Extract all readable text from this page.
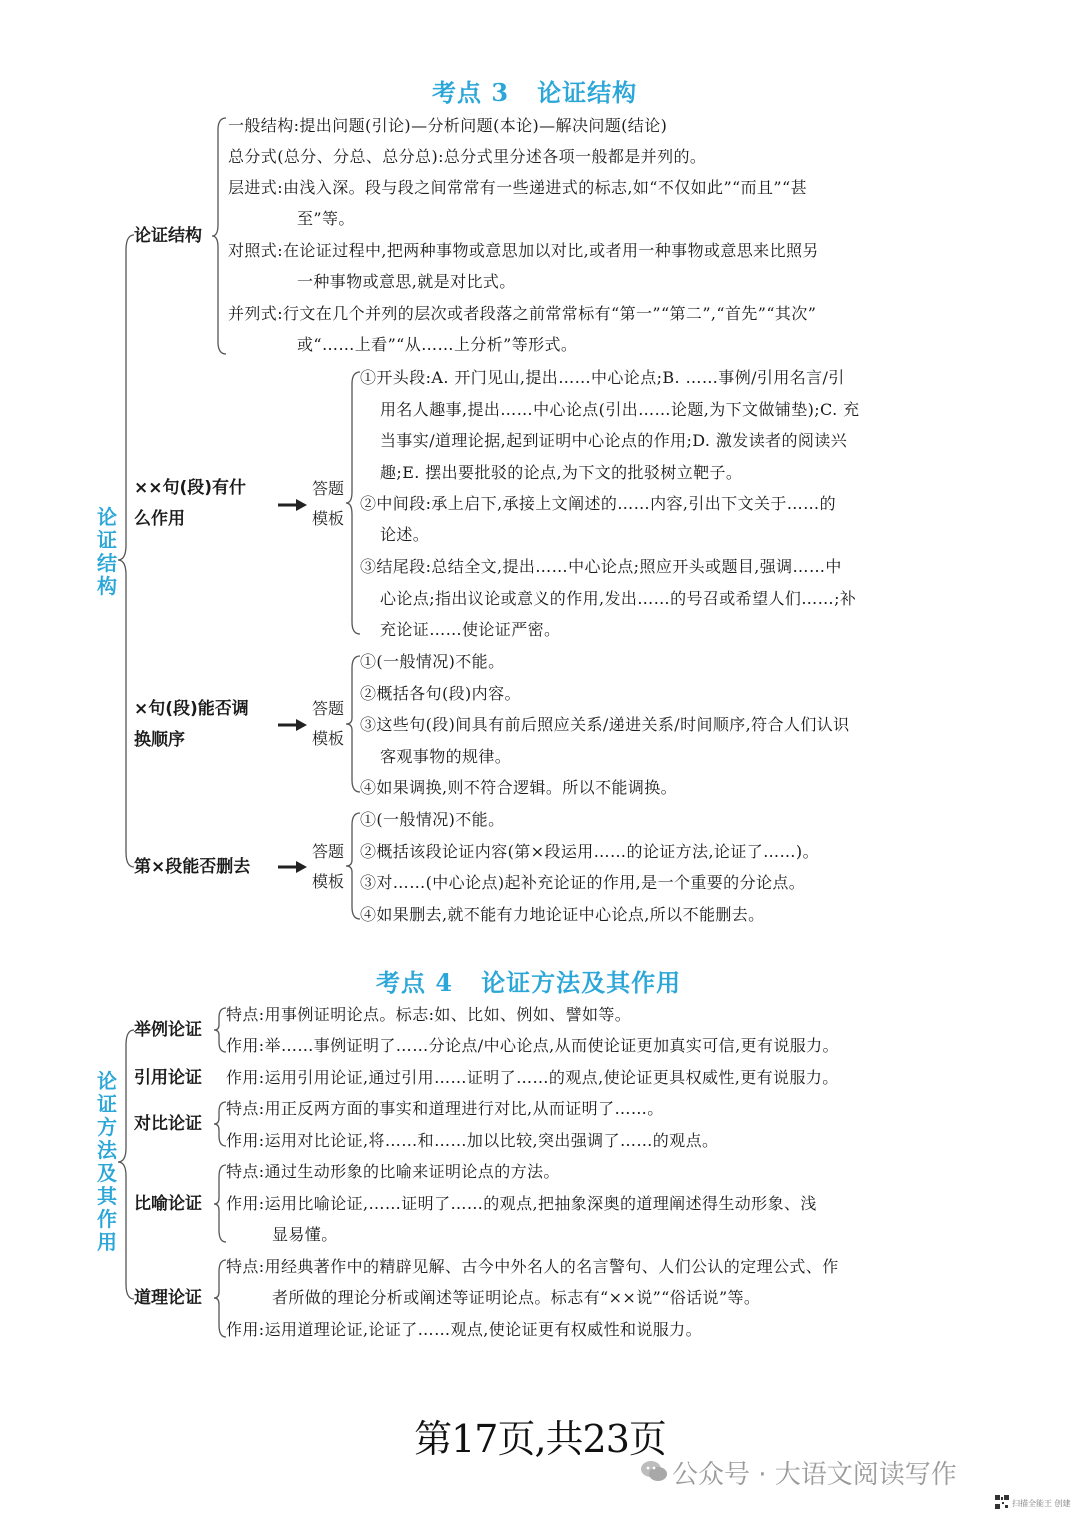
考点 3 论证结构
论证结构
论证结构
一般结构:提出问题(引论)—分析问题(本论)—解决问题(结论)
总分式(总分、分总、总分总):总分式里分述各项一般都是并列的。
层进式:由浅入深。段与段之间常常有一些递进式的标志,如“不仅如此”“而且”“甚
至”等。
对照式:在论证过程中,把两种事物或意思加以对比,或者用一种事物或意思来比照另
一种事物或意思,就是对比式。
并列式:行文在几个并列的层次或者段落之前常常标有“第一”“第二”,“首先”“其次”
或“……上看”“从……上分析”等形式。
××句(段)有什
么作用
答题模板
①开头段:A. 开门见山,提出……中心论点;B. ……事例/引用名言/引
用名人趣事,提出……中心论点(引出……论题,为下文做铺垫);C. 充
当事实/道理论据,起到证明中心论点的作用;D. 激发读者的阅读兴
趣;E. 摆出要批驳的论点,为下文的批驳树立靶子。
②中间段:承上启下,承接上文阐述的……内容,引出下文关于……的
论述。
③结尾段:总结全文,提出……中心论点;照应开头或题目,强调……中
心论点;指出议论或意义的作用,发出……的号召或希望人们……;补
充论证……使论证严密。
×句(段)能否调
换顺序
答题模板
①(一般情况)不能。
②概括各句(段)内容。
③这些句(段)间具有前后照应关系/递进关系/时间顺序,符合人们认识
客观事物的规律。
④如果调换,则不符合逻辑。所以不能调换。
第×段能否删去
答题模板
①(一般情况)不能。
②概括该段论证内容(第×段运用……的论证方法,论证了……)。
③对……(中心论点)起补充论证的作用,是一个重要的分论点。
④如果删去,就不能有力地论证中心论点,所以不能删去。
考点 4 论证方法及其作用
论证方法及其作用
举例论证
引用论证
对比论证
比喻论证
道理论证
特点:用事例证明论点。标志:如、比如、例如、譬如等。
作用:举……事例证明了……分论点/中心论点,从而使论证更加真实可信,更有说服力。
作用:运用引用论证,通过引用……证明了……的观点,使论证更具权威性,更有说服力。
特点:用正反两方面的事实和道理进行对比,从而证明了……。
作用:运用对比论证,将……和……加以比较,突出强调了……的观点。
特点:通过生动形象的比喻来证明论点的方法。
作用:运用比喻论证,……证明了……的观点,把抽象深奥的道理阐述得生动形象、浅
显易懂。
特点:用经典著作中的精辟见解、古今中外名人的名言警句、人们公认的定理公式、作
者所做的理论分析或阐述等证明论点。标志有“××说”“俗话说”等。
作用:运用道理论证,论证了……观点,使论证更有权威性和说服力。
第17页,共23页
公众号 · 大语文阅读写作
扫描全能王 创建
